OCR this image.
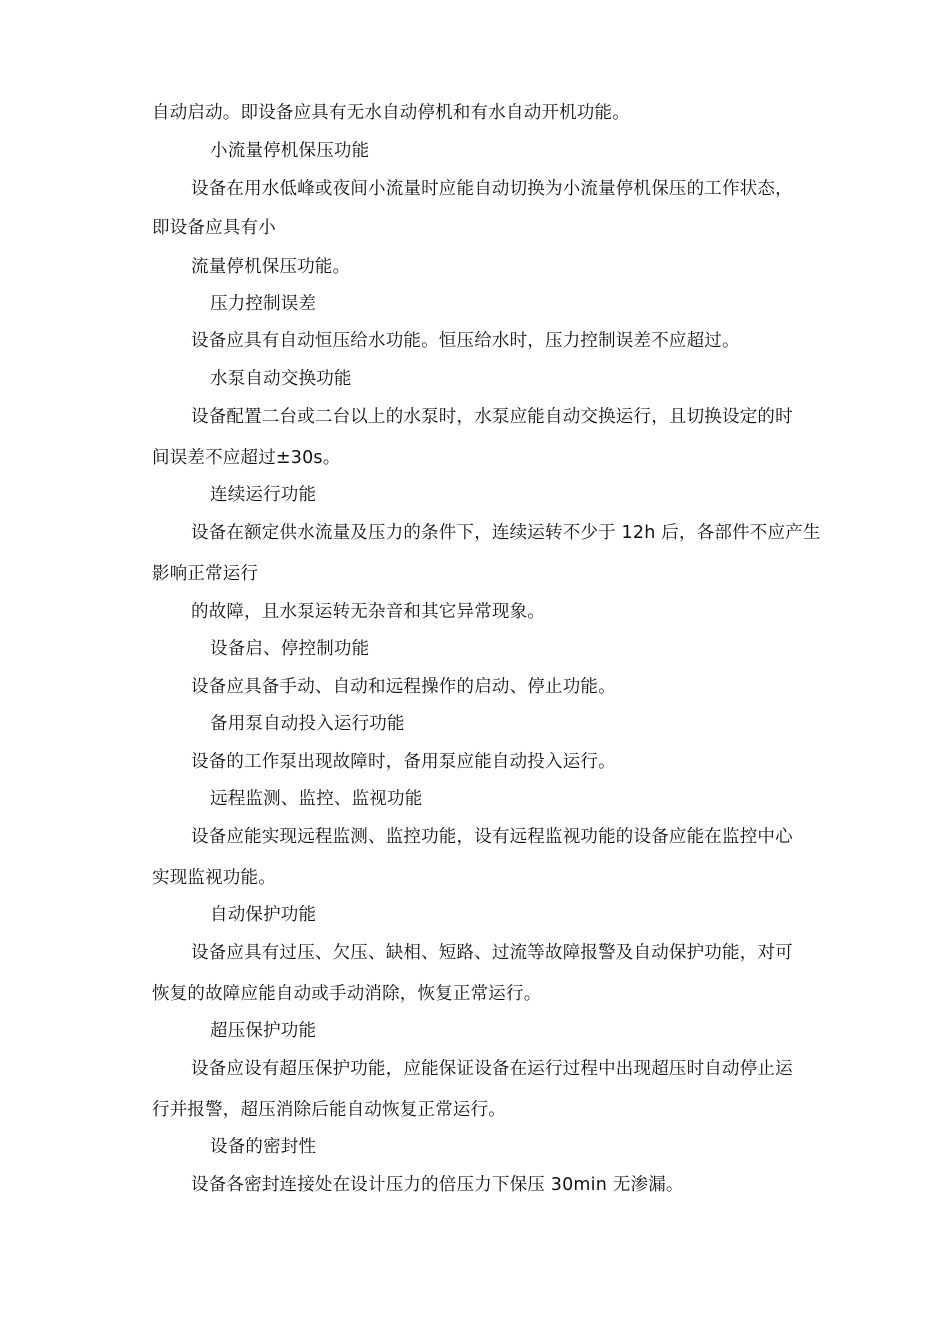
自动启动。即设备应具有无水自动停机和有水自动开机功能。
小流量停机保压功能
设备在用水低峰或夜间小流量时应能自动切换为小流量停机保压的工作状态，
即设备应具有小
流量停机保压功能。
压力控制误差
设备应具有自动恒压给水功能。恒压给水时，压力控制误差不应超过。
水泵自动交换功能
设备配置二台或二台以上的水泵时，水泵应能自动交换运行，且切换设定的时
间误差不应超过±30s。
连续运行功能
设备在额定供水流量及压力的条件下，连续运转不少于 12h 后，各部件不应产生
影响正常运行
的故障，且水泵运转无杂音和其它异常现象。
设备启、停控制功能
设备应具备手动、自动和远程操作的启动、停止功能。
备用泵自动投入运行功能
设备的工作泵出现故障时，备用泵应能自动投入运行。
远程监测、监控、监视功能
设备应能实现远程监测、监控功能，设有远程监视功能的设备应能在监控中心
实现监视功能。
自动保护功能
设备应具有过压、欠压、缺相、短路、过流等故障报警及自动保护功能，对可
恢复的故障应能自动或手动消除，恢复正常运行。
超压保护功能
设备应设有超压保护功能，应能保证设备在运行过程中出现超压时自动停止运
行并报警，超压消除后能自动恢复正常运行。
设备的密封性
设备各密封连接处在设计压力的倍压力下保压 30min 无渗漏。
